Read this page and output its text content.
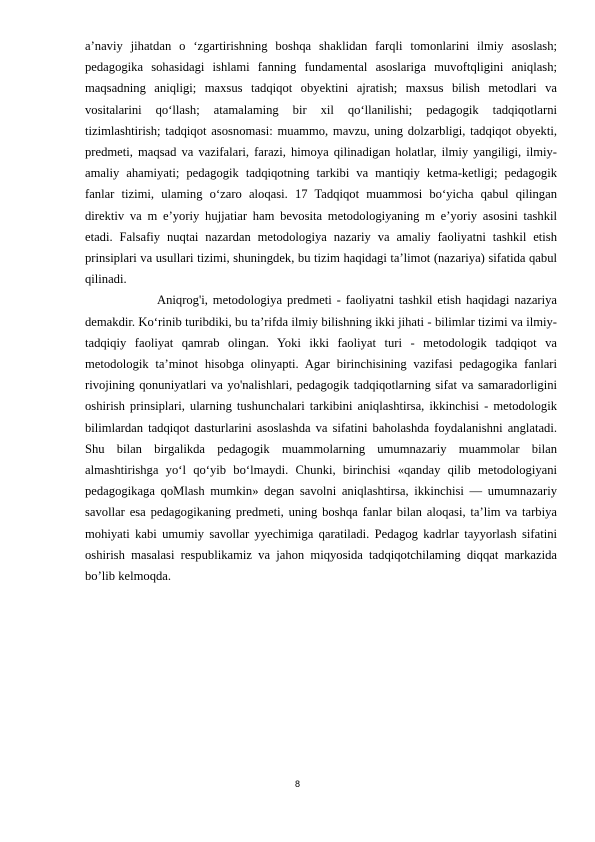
a’naviy jihatdan o ‘zgartirishning boshqa shaklidan farqli tomonlarini ilmiy asoslash; pedagogika sohasidagi ishlami fanning fundamental asoslariga muvoftqligini aniqlash; maqsadning aniqligi; maxsus tadqiqot obyektini ajratish; maxsus bilish metodlari va vositalarini qo‘llash; atamalaming bir xil qo‘llanilishi; pedagogik tadqiqotlarni tizimlashtirish; tadqiqot asosnomasi: muammo, mavzu, uning dolzarbligi, tadqiqot obyekti, predmeti, maqsad va vazifalari, farazi, himoya qilinadigan holatlar, ilmiy yangiligi, ilmiy-amaliy ahamiyati; pedagogik tadqiqotning tarkibi va mantiqiy ketma-ketligi; pedagogik fanlar tizimi, ulaming o‘zaro aloqasi. 17 Tadqiqot muammosi bo‘yicha qabul qilingan direktiv va m e’yoriy hujjatiar ham bevosita metodologiyaning m e’yoriy asosini tashkil etadi. Falsafiy nuqtai nazardan metodologiya nazariy va amaliy faoliyatni tashkil etish prinsiplari va usullari tizimi, shuningdek, bu tizim haqidagi ta’limot (nazariya) sifatida qabul qilinadi.

Aniqrog'i, metodologiya predmeti - faoliyatni tashkil etish haqidagi nazariya demakdir. Ko‘rinib turibdiki, bu ta’rifda ilmiy bilishning ikki jihati - bilimlar tizimi va ilmiy-tadqiqiy faoliyat qamrab olingan. Yoki ikki faoliyat turi - metodologik tadqiqot va metodologik ta’minot hisobga olinyapti. Agar birinchisining vazifasi pedagogika fanlari rivojining qonuniyatlari va yo'nalishlari, pedagogik tadqiqotlarning sifat va samaradorligini oshirish prinsiplari, ularning tushunchalari tarkibini aniqlashtirsa, ikkinchisi - metodologik bilimlardan tadqiqot dasturlarini asoslashda va sifatini baholashda foydalanishni anglatadi. Shu bilan birgalikda pedagogik muammolarning umumnazariy muammolar bilan almashtirishga yo‘l qo‘yib bo‘lmaydi. Chunki, birinchisi «qanday qilib metodologiyani pedagogikaga qoMlash mumkin» degan savolni aniqlashtirsa, ikkinchisi — umumnazariy savollar esa pedagogikaning predmeti, uning boshqa fanlar bilan aloqasi, ta’lim va tarbiya mohiyati kabi umumiy savollar yyechimiga qaratiladi. Pedagog kadrlar tayyorlash sifatini oshirish masalasi respublikamiz va jahon miqyosida tadqiqotchilaming diqqat markazida bo’lib kelmoqda.

8
